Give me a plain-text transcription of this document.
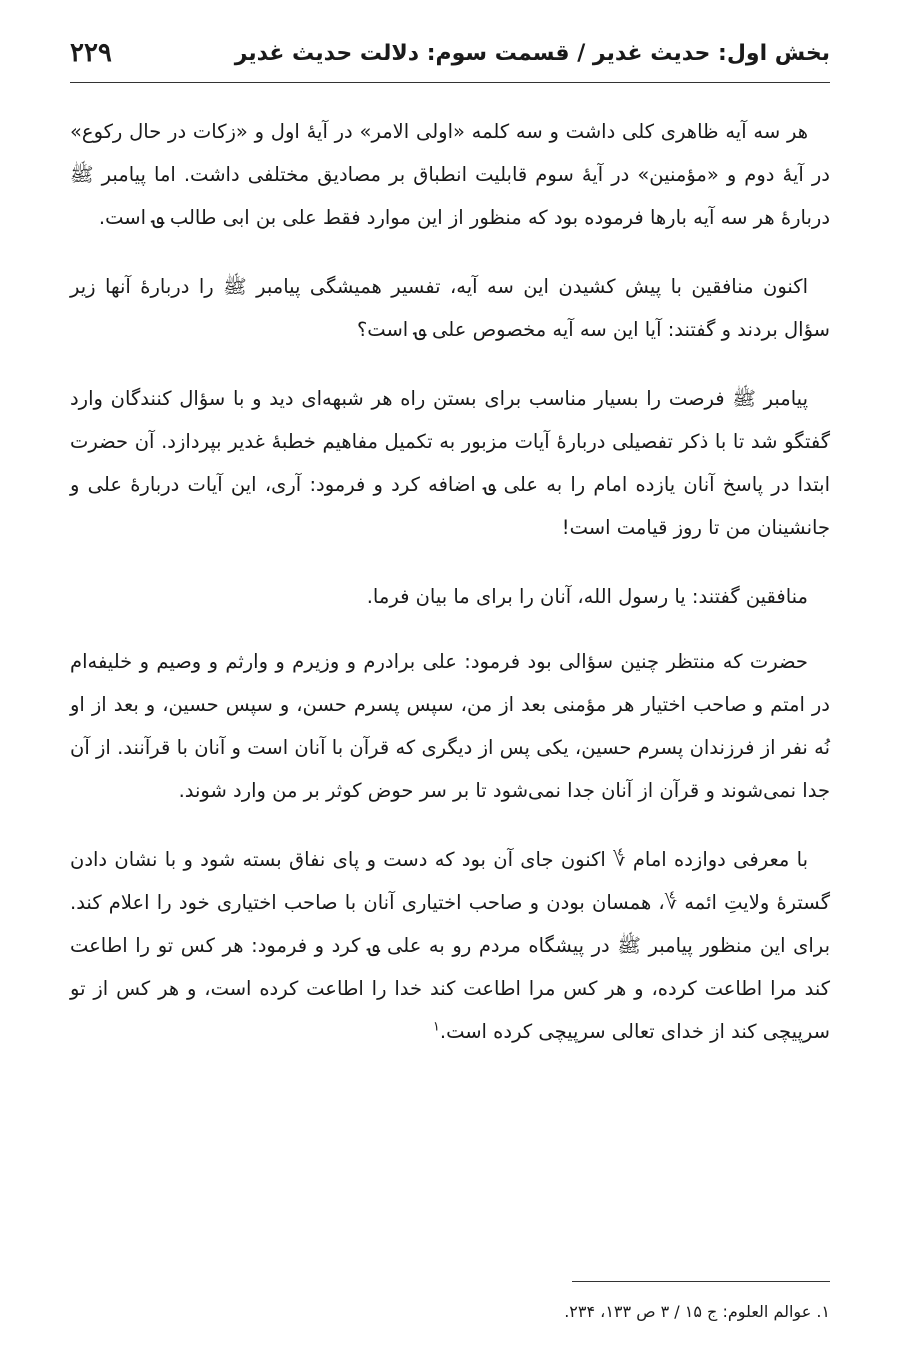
بخش اول: حدیث غدیر / قسمت سوم: دلالت حدیث غدیر
۲۲۹

هر سه آیه ظاهری کلی داشت و سه کلمه «اولی الامر» در آیهٔ اول و «زکات در حال رکوع» در آیهٔ دوم و «مؤمنین» در آیهٔ سوم قابلیت انطباق بر مصادیق مختلفی داشت. اما پیامبر ﷺ دربارهٔ هر سه آیه بارها فرموده بود که منظور از این موارد فقط علی بن ابی طالب ؈ است.

اکنون منافقین با پیش کشیدن این سه آیه، تفسیر همیشگی پیامبر ﷺ را دربارهٔ آنها زیر سؤال بردند و گفتند: آیا این سه آیه مخصوص علی ؈ است؟

پیامبر ﷺ فرصت را بسیار مناسب برای بستن راه هر شبهه‌ای دید و با سؤال کنندگان وارد گفتگو شد تا با ذکر تفصیلی دربارهٔ آیات مزبور به تکمیل مفاهیم خطبهٔ غدیر بپردازد. آن حضرت ابتدا در پاسخ آنان یازده امام را به علی ؈ اضافه کرد و فرمود: آری، این آیات دربارهٔ علی و جانشینان من تا روز قیامت است!

منافقین گفتند: یا رسول الله، آنان را برای ما بیان فرما.

حضرت که منتظر چنین سؤالی بود فرمود: علی برادرم و وزیرم و وارثم و وصیم و خلیفه‌ام در امتم و صاحب اختیار هر مؤمنی بعد از من، سپس پسرم حسن، و سپس حسین، و بعد از او نُه نفر از فرزندان پسرم حسین، یکی پس از دیگری که قرآن با آنان است و آنان با قرآنند. از آن جدا نمی‌شوند و قرآن از آنان جدا نمی‌شود تا بر سر حوض کوثر بر من وارد شوند.

با معرفی دوازده امام ؇ اکنون جای آن بود که دست و پای نفاق بسته شود و با نشان دادن گسترهٔ ولایتِ ائمه ؇، همسان بودن و صاحب اختیاری آنان با صاحب اختیاری خود را اعلام کند. برای این منظور پیامبر ﷺ در پیشگاه مردم رو به علی ؈ کرد و فرمود: هر کس تو را اطاعت کند مرا اطاعت کرده، و هر کس مرا اطاعت کند خدا را اطاعت کرده است، و هر کس از تو سرپیچی کند از خدای تعالی سرپیچی کرده است.$^۱$

۱. عوالم العلوم: ج ۱۵ / ۳ ص ۱۳۳، ۲۳۴.
